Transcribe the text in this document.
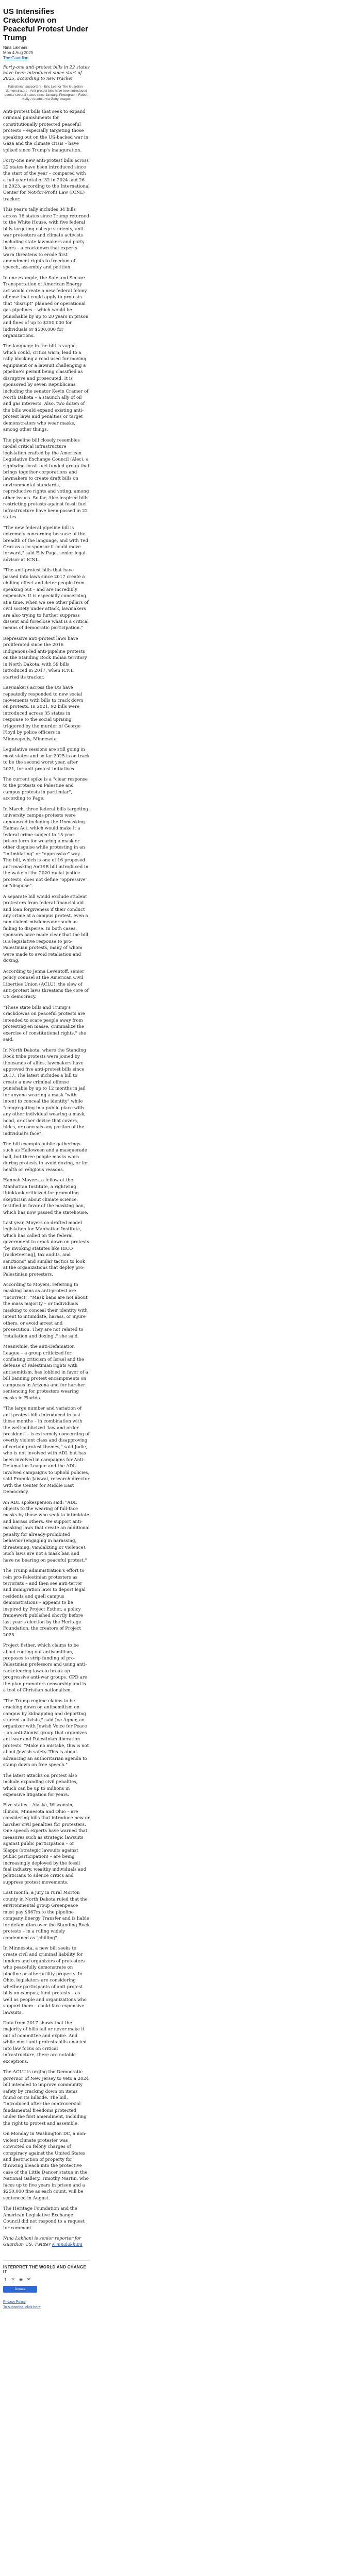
US Intensifies Crackdown on Peaceful Protest Under Trump
Nina Lakhani
Mon 4 Aug 2025
The Guardian
Forty-one anti-protest bills in 22 states have been introduced since start of 2025, according to new tracker
Palestinian supporters · Eric Lee for The Guardian · demonstrators · Anti-protest bills have been introduced across several states since January. Photograph: Robert Kelly / Anadolu via Getty Images

Anti-protest bills that seek to expand criminal punishments for constitutionally protected peaceful protests – especially targeting those speaking out on the US-backed war in Gaza and the climate crisis – have spiked since Trump's inauguration.

Forty-one new anti-protest bills across 22 states have been introduced since the start of the year – compared with a full-year total of 32 in 2024 and 26 in 2023, according to the International Center for Not-for-Profit Law (ICNL) tracker.

This year's tally includes 34 bills across 16 states since Trump returned to the White House, with five federal bills targeting college students, anti-war protesters and climate activists including state lawmakers and party floors – a crackdown that experts warn threatens to erode first amendment rights to freedom of speech, assembly and petition.

In one example, the Safe and Secure Transportation of American Energy act would create a new federal felony offense that could apply to protests that "disrupt" planned or operational gas pipelines – which would be punishable by up to 20 years in prison and fines of up to $250,000 for individuals or $500,000 for organizations.

The language in the bill is vague, which could, critics warn, lead to a rally blocking a road used for moving equipment or a lawsuit challenging a pipeline's permit being classified as disruptive and prosecuted. It is sponsored by seven Republicans including the senator Kevin Cramer of North Dakota – a staunch ally of oil and gas interests. Also, two dozen of the bills would expand existing anti-protest laws and penalties or target demonstrators who wear masks, among other things.

The pipeline bill closely resembles model critical infrastructure legislation crafted by the American Legislative Exchange Council (Alec), a rightwing fossil fuel-funded group that brings together corporations and lawmakers to create draft bills on environmental standards, reproductive rights and voting, among other issues. So far, Alec-inspired bills restricting protests against fossil fuel infrastructure have been passed in 22 states.

"The new federal pipeline bill is extremely concerning because of the breadth of the language, and with Ted Cruz as a co-sponsor it could move forward," said Elly Page, senior legal advisor at ICNL.

"The anti-protest bills that have passed into laws since 2017 create a chilling effect and deter people from speaking out – and are incredibly expensive. It is especially concerning at a time, when we see other pillars of civil society under attack, lawmakers are also trying to further suppress dissent and foreclose what is a critical means of democratic participation."

Repressive anti-protest laws have proliferated since the 2016 Indigenous-led anti-pipeline protests on the Standing Rock Indian territory in North Dakota, with 59 bills introduced in 2017, when ICNL started its tracker.

Lawmakers across the US have repeatedly responded to new social movements with bills to crack down on protests. In 2021, 92 bills were introduced across 35 states in response to the social uprising triggered by the murder of George Floyd by police officers in Minneapolis, Minnesota.

Legislative sessions are still going in most states and so far 2025 is on track to be the second worst year, after 2021, for anti-protest initiatives.

The current spike is a "clear response to the protests on Palestine and campus protests in particular", according to Page.

In March, three federal bills targeting university campus protests were announced including the Unmasking Hamas Act, which would make it a federal crime subject to 15-year prison term for wearing a mask or other disguise while protesting in an "intimidating" or "oppressive" way. The bill, which is one of 16 proposed anti-masking AntiSB bill introduced in the wake of the 2020 racial justice protests, does not define "oppressive" or "disguise".

A separate bill would exclude student protesters from federal financial aid and loan forgiveness if their conduct any crime at a campus protest, even a non-violent misdemeanor such as failing to disperse. In both cases, sponsors have made clear that the bill is a legislative response to pro-Palestinian protests, many of whom were made to avoid retaliation and doxing.

According to Jenna Leventoff, senior policy counsel at the American Civil Liberties Union (ACLU), the slew of anti-protest laws threatens the core of US democracy.

"These state bills and Trump's crackdowns on peaceful protests are intended to scare people away from protesting en masse, criminalize the exercise of constitutional rights," she said.

In North Dakota, where the Standing Rock tribe protests were joined by thousands of allies, lawmakers have approved five anti-protest bills since 2017. The latest includes a bill to create a new criminal offense punishable by up to 12 months in jail for anyone wearing a mask "with intent to conceal the identity" while "congregating in a public place with any other individual wearing a mask, hood, or other device that covers, hides, or conceals any portion of the individual's face".

The bill exempts public gatherings such as Halloween and a masquerade ball, but three people masks worn during protests to avoid doxing, or for health or religious reasons.

Hannah Moyers, a fellow at the Manhattan Institute, a rightwing thinktank criticized for promoting skepticism about climate science, testified in favor of the masking ban, which has now passed the statehouse.

Last year, Moyers co-drafted model legislation for Manhattan Institute, which has called on the federal government to crack down on protests "by invoking statutes like RICO [racketeering], tax audits, and sanctions" and similar tactics to look at the organizations that deploy pro-Palestinian protesters.

According to Moyers, referring to masking bans as anti-protest are "incorrect", "Mask bans are not about the mass majority – or individuals masking to conceal their identity with intent to intimidate, harass, or injure others, or avoid arrest and prosecution. They are not related to 'retaliation and doxing'," she said.

Meanwhile, the anti-Defamation League – a group criticized for conflating criticism of Israel and the defense of Palestinian rights with antisemitism, has lobbied in favor of a bill banning protest encampments on campuses in Arizona and for harsher sentencing for protesters wearing masks in Florida.

"The large number and variation of anti-protest bills introduced in just these months – in combination with the well-publicized 'law and order president' – is extremely concerning of overtly violent class and disapproving of certain protest themes," said Jodie, who is not involved with ADL but has been involved in campaigns for Anti-Defamation League and the ADL-involved campaigns to uphold policies, said Pramila Jaiswal, research director with the Center for Middle East Democracy.

An ADL spokesperson said: "ADL objects to the wearing of full-face masks by those who seek to intimidate and harass others. We support anti-masking laws that create an additional penalty for already-prohibited behavior (engaging in harassing, threatening, vandalizing or violence). Such laws are not a mask ban and have no bearing on peaceful protest."

The Trump administration's effort to rein pro-Palestinian protesters as terrorists – and then see anti-terror and immigration laws to deport legal residents and quell campus demonstrations – appears to be inspired by Project Esther, a policy framework published shortly before last year's election by the Heritage Foundation, the creators of Project 2025.

Project Esther, which claims to be about rooting out antisemitism, proposes to strip funding of pro-Palestinian professors and using anti-racketeering laws to break up progressive anti-war groups. CPD are the plan promoters censorship and is a tool of Christian nationalism.

"The Trump regime claims to be cracking down on antisemitism on campus by kidnapping and deporting student activists," said Joe Agner, an organizer with Jewish Voice for Peace – an anti-Zionist group that organizes anti-war and Palestinian liberation protests. "Make no mistake, this is not about Jewish safety. This is about advancing an authoritarian agenda to stamp down on free speech."

The latest attacks on protest also include expanding civil penalties, which can be up to millions in expensive litigation for years.

Five states – Alaska, Wisconsin, Illinois, Minnesota and Ohio – are considering bills that introduce new or harsher civil penalties for protesters. One speech experts have warned that measures such as strategic lawsuits against public participation – or Slapps (strategic lawsuits against public participation) – are being increasingly deployed by the fossil fuel industry, wealthy individuals and politicians to silence critics and suppress protest movements.

Last month, a jury in rural Morton county in North Dakota ruled that the environmental group Greenpeace must pay $667m to the pipeline company Energy Transfer and is liable for defamation over the Standing Rock protests – in a ruling widely condemned as "chilling".

In Minnesota, a new bill seeks to create civil and criminal liability for funders and organizers of protesters who peacefully demonstrate on pipeline or other utility property. In Ohio, legislators are considering whether participants of anti-protest bills on campus, fund protests – as well as people and organizations who support them – could face expensive lawsuits.

Data from 2017 shows that the majority of bills fail or never make it out of committee and expire. And while most anti-protests bills enacted into law focus on critical infrastructure, there are notable exceptions.

The ACLU is urging the Democratic governor of New Jersey to veto a 2024 bill intended to improve community safety by cracking down on items found on its hillside. The bill, "introduced after the controversial fundamental freedoms protected under the first amendment, including the right to protest and assemble.

On Monday in Washington DC, a non-violent climate protester was convicted on felony charges of conspiracy against the United States and destruction of property for throwing bleach into the protective case of the Little Dancer statue in the National Gallery. Timothy Martin, who faces up to five years in prison and a $250,000 fine as each count, will be sentenced in August.

The Heritage Foundation and the American Legislative Exchange Council did not respond to a request for comment.

Nina Lakhani is senior reporter for Guardian US. Twitter @ninalakhani
INTERPRET THE WORLD AND CHANGE IT
f	✕ ◉ ✉
Donate
Privacy Policy
To subscribe, click here
